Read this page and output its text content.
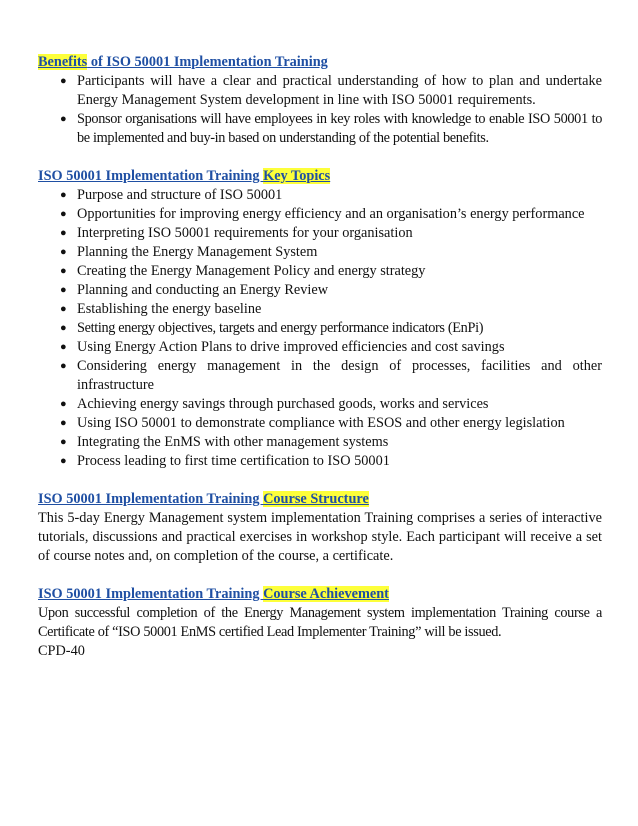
Benefits of ISO 50001 Implementation Training

● Participants will have a clear and practical understanding of how to plan and undertake Energy Management System development in line with ISO 50001 requirements.
● Sponsor organisations will have employees in key roles with knowledge to enable ISO 50001 to be implemented and buy-in based on understanding of the potential benefits.

ISO 50001 Implementation Training Key Topics

● Purpose and structure of ISO 50001
● Opportunities for improving energy efficiency and an organisation’s energy performance
● Interpreting ISO 50001 requirements for your organisation
● Planning the Energy Management System
● Creating the Energy Management Policy and energy strategy
● Planning and conducting an Energy Review
● Establishing the energy baseline
● Setting energy objectives, targets and energy performance indicators (EnPi)
● Using Energy Action Plans to drive improved efficiencies and cost savings
● Considering energy management in the design of processes, facilities and other infrastructure
● Achieving energy savings through purchased goods, works and services
● Using ISO 50001 to demonstrate compliance with ESOS and other energy legislation
● Integrating the EnMS with other management systems
● Process leading to first time certification to ISO 50001

ISO 50001 Implementation Training Course Structure

This 5-day Energy Management system implementation Training comprises a series of interactive tutorials, discussions and practical exercises in workshop style. Each participant will receive a set of course notes and, on completion of the course, a certificate.

ISO 50001 Implementation Training Course Achievement

Upon successful completion of the Energy Management system implementation Training course a Certificate of “ISO 50001 EnMS certified Lead Implementer Training” will be issued.

CPD-40
